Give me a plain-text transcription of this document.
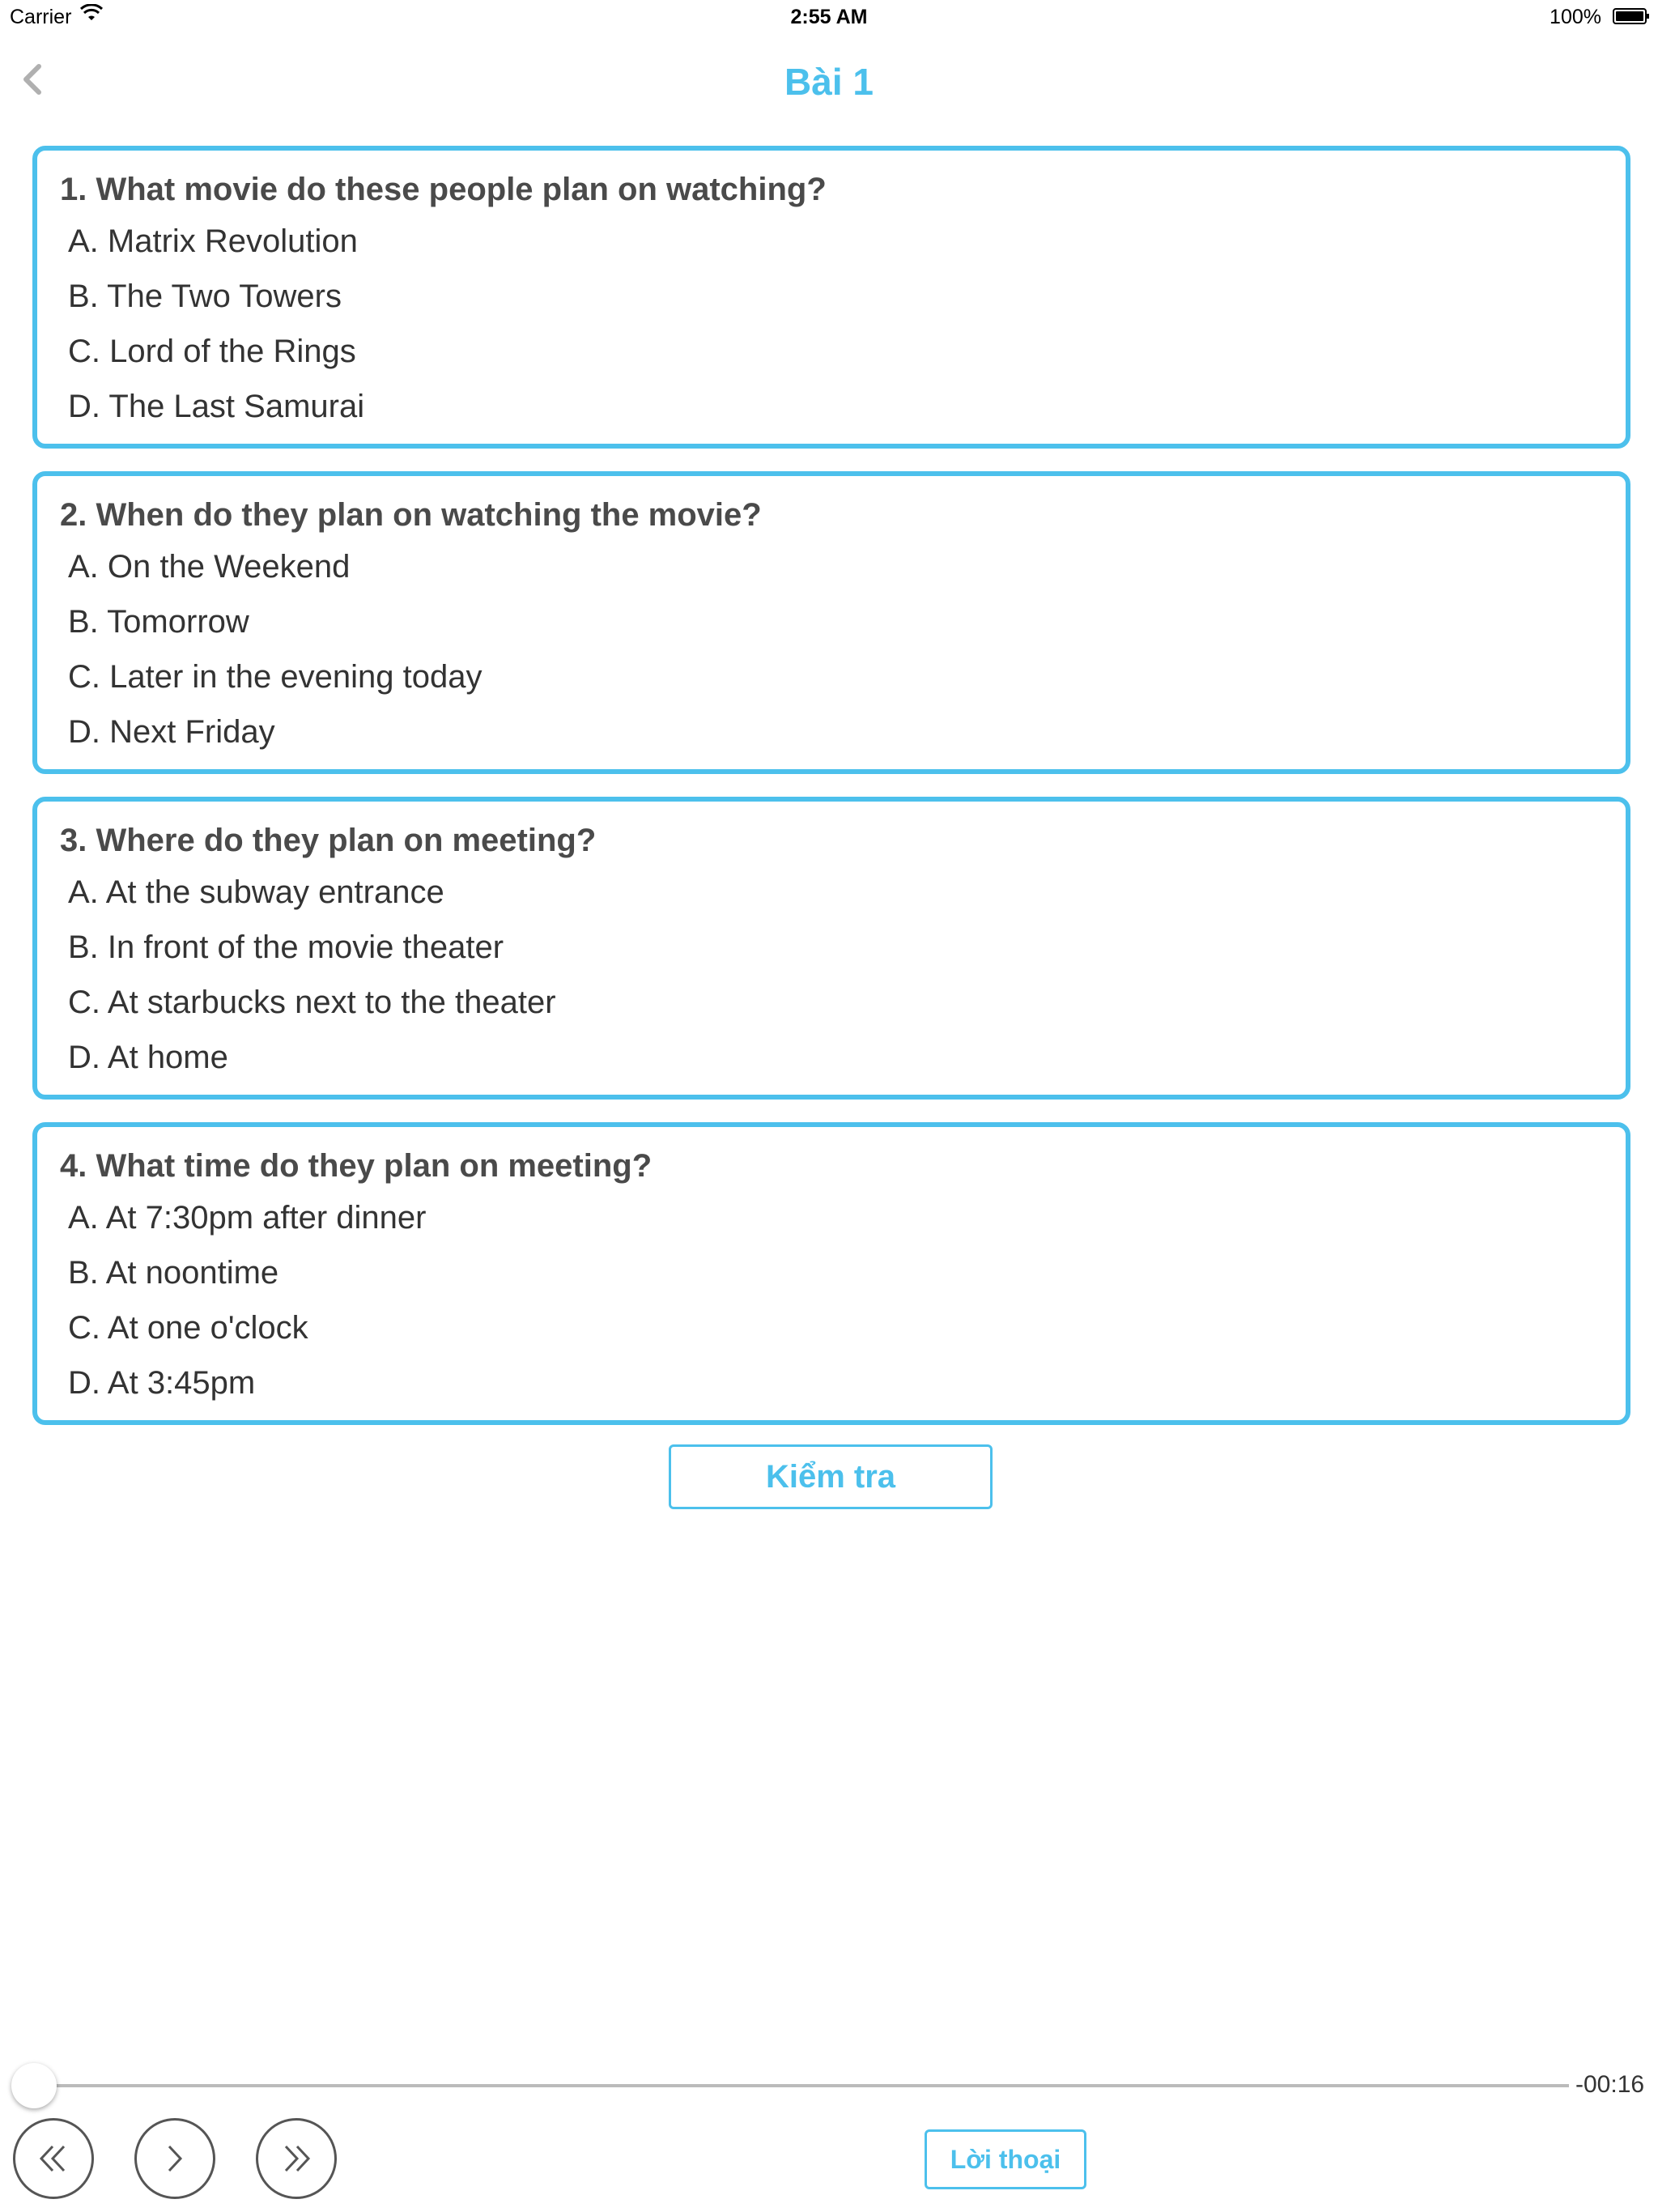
Carrier	2:55 AM	100%
Bài 1
1. What movie do these people plan on watching?
A. Matrix Revolution
B. The Two Towers
C. Lord of the Rings
D. The Last Samurai
2. When do they plan on watching the movie?
A. On the Weekend
B. Tomorrow
C. Later in the evening today
D. Next Friday
3. Where do they plan on meeting?
A. At the subway entrance
B. In front of the movie theater
C. At starbucks next to the theater
D. At home
4. What time do they plan on meeting?
A. At 7:30pm after dinner
B. At noontime
C. At one o'clock
D. At 3:45pm
Kiểm tra
-00:16
Lời thoại
